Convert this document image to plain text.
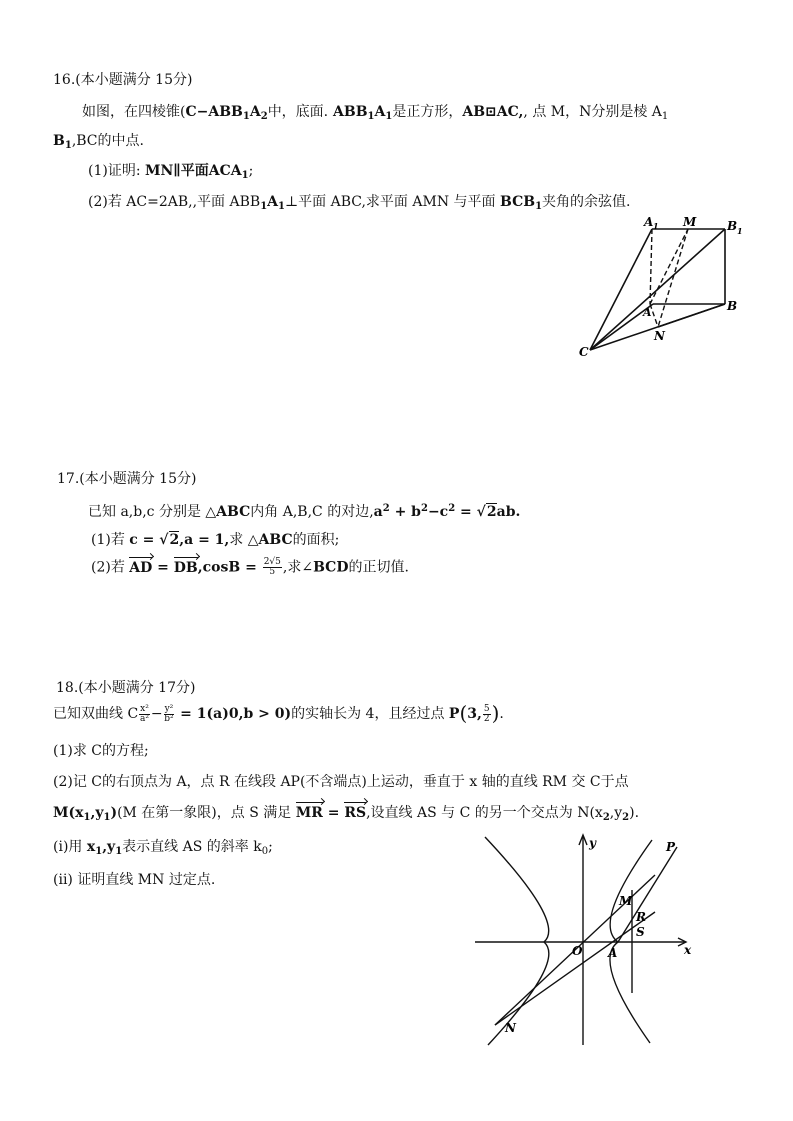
16.(本小题满分 15分)
如图，在四棱锥($C-ABB_1A_2$中，底面. $ABB_1A_1$是正方形，AB⊡AC,, 点 M，N分别是棱 $A_1$
$B_1,BC$的中点.
(1)证明: MN∥平面$ACA_1$;
(2)若 AC=2AB,,平面 $ABB_1A_1\perp$平面 ABC,求平面 AMN 与平面 $BCB_1$夹角的余弦值.
A 1 M	B 1
A	B
N
C
17.(本小题满分 15分)
已知 a,b,c 分别是 △ABC内角 A,B,C 的对边$,a^2 + b^2-c^2 = √2ab$.
(1)若 c = √2,a = 1,求 △ABC的面积;
(2)若 AD = $DB,\cos B = \frac{2√5}{5}$ ,求∠BCD的正切值.
18.(本小题满分 17分)
已知双曲线 C $\frac{\text{x²}}{\text{a²}} - \frac{\text{y²}}{\text{b²}} = 1(a)0,b > 0$)的实轴长为 4，且经过点 P(3, $\frac{5}{2}$ ).
(1)求 C的方程;
(2)记 C的右顶点为 A，点 R 在线段 AP(不含端点)上运动，垂直于 x 轴的直线 RM 交 C于点
$M(x_1,y_1)(M$ 在第一象限)，点 S 满足 MR = RS,设直线 AS 与 C 的另一个交点为 $N(x_2,y_2)$.
(i)用 $x_1,y_1$表示直线 AS 的斜率 $k_0$;
(ii) 证明直线 MN 过定点.
y
x
O A
P
M
R
S
N
